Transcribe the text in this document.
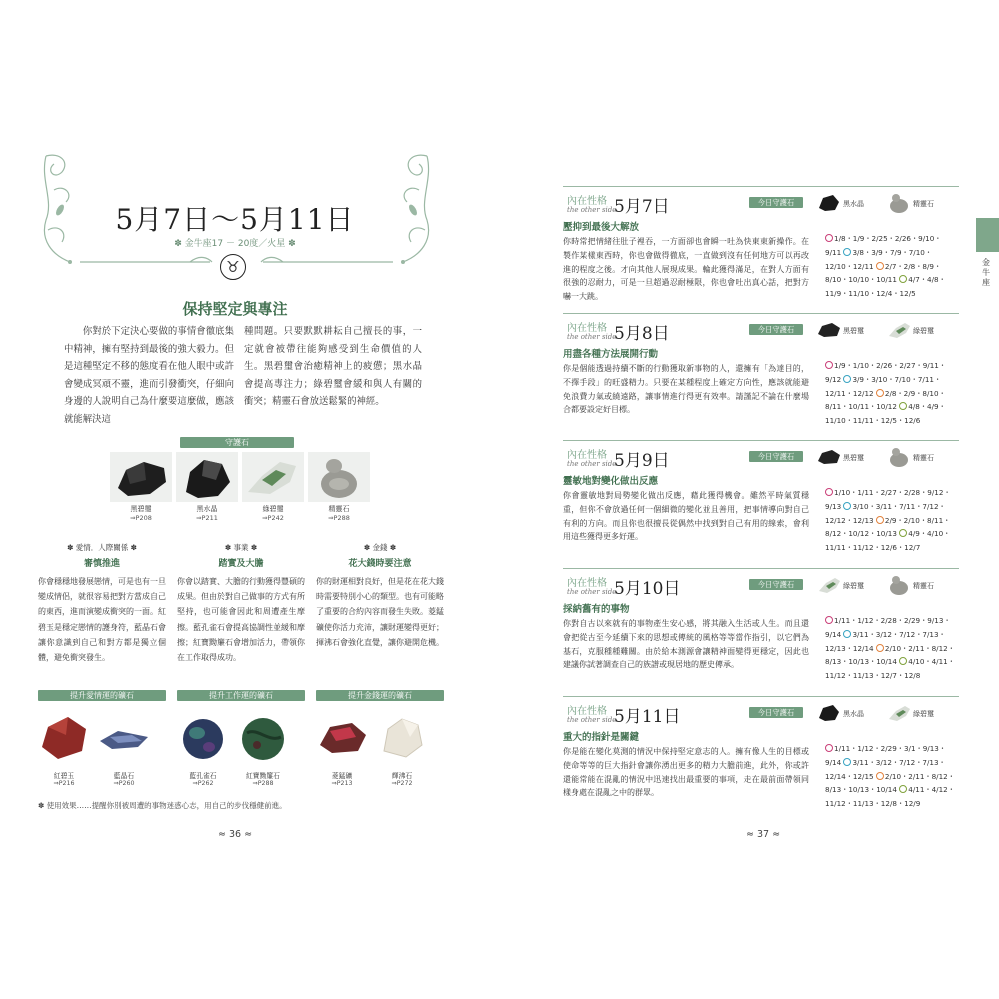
5月7日～5月11日
✽ 金牛座17 － 20度／火星 ✽
♉
保持堅定與專注
　　你對於下定決心要做的事情會徹底集中精神，擁有堅持到最後的強大毅力。但是這種堅定不移的態度看在他人眼中或許會變成冥頑不靈，進而引發衝突，仔細向身邊的人說明自己為什麼要這麼做，應該就能解決這
種問題。只要默默耕耘自己擅長的事，一定就會被帶往能夠感受到生命價值的人生。黑碧璽會治癒精神上的疲憊；黑水晶會提高專注力；綠碧璽會緩和與人有關的衝突；精靈石會放送鬆緊的神經。
守護石
黑碧璽
⇒P208
黑水晶
⇒P211
綠碧璽
⇒P242
精靈石
⇒P288
✽ 愛情．人際關係 ✽
審慎推進
你會穩穩地發展戀情，可是也有一旦變成情侶，就很容易把對方當成自己的東西，進而演變成衝突的一面。紅碧玉是穩定戀情的護身符，藍晶石會讓你意識到自己和對方都是獨立個體，避免衝突發生。
✽ 事業 ✽
踏實及大膽
你會以踏實、大膽的行動獲得豐碩的成果。但由於對自己做事的方式有所堅持，也可能會因此和周遭產生摩擦。藍孔雀石會提高協調性並緩和摩擦；紅寶黝簾石會增加活力，帶領你在工作取得成功。
✽ 金錢 ✽
花大錢時要注意
你的財運相對良好，但是花在花大錢時需要特別小心的類型。也有可能略了重要的合約內容而發生失敗。菱錳礦使你活力充沛，讓財運變得更好；揮沸石會強化直覺，讓你避開危機。
提升愛情運的礦石
紅碧玉
⇒P216
藍晶石
⇒P260
提升工作運的礦石
藍孔雀石
⇒P262
紅寶黝簾石
⇒P288
提升金錢運的礦石
菱錳礦
⇒P213
輝沸石
⇒P272
✽ 使用效果……提醒你別被周遭的事物迷惑心志，用自己的步伐穩健前進。
≈ 36 ≈
金牛座
內在性格
the other side
5月7日	今日守護石	黑水晶	精靈石
壓抑到最後大解放
你時常把情緒往肚子裡吞，一方面卻也會瞬一吐為快東東新操作。在製作某樣東西時，你也會做得徹底，一直做到沒有任何地方可以再改進的程度之後。才向其他人展現成果。輪此獲得滿足，在對人方面有很強的忍耐力，可是一旦超過忍耐極限，你也會吐出真心話，把對方嚇一大跳。
1/8・1/9・2/25・2/26・9/10・9/11 3/8・3/9・7/9・7/10・12/10・12/11 2/7・2/8・8/9・8/10・10/10・10/11 4/7・4/8・11/9・11/10・12/4・12/5
內在性格
the other side
5月8日	今日守護石	黑碧璽	綠碧璽
用盡各種方法展開行動
你是個能透過持續不斷的行動獲取新事物的人，還擁有「為達目的，不擇手段」的旺盛精力。只要在某種程度上確定方向性，應該就能避免浪費力氣或繞遠路，讓事情進行得更有效率。請謹記不論在什麼場合都要設定好目標。
1/9・1/10・2/26・2/27・9/11・9/12 3/9・3/10・7/10・7/11・12/11・12/12 2/8・2/9・8/10・8/11・10/11・10/12 4/8・4/9・11/10・11/11・12/5・12/6
內在性格
the other side
5月9日	今日守護石	黑碧璽	精靈石
靈敏地對變化做出反應
你會靈敏地對局勢變化做出反應，藉此獲得機會。雖然平時氣質穩重，但你不會放過任何一個細微的變化並且善用，把事情導向對自己有利的方向。而且你也很擅長從偶然中找到對自己有用的線索，會利用這些獲得更多好運。
1/10・1/11・2/27・2/28・9/12・9/13 3/10・3/11・7/11・7/12・12/12・12/13 2/9・2/10・8/11・8/12・10/12・10/13 4/9・4/10・11/11・11/12・12/6・12/7
內在性格
the other side
5月10日	今日守護石	綠碧璽	精靈石
採納舊有的事物
你對自古以來就有的事物產生安心感，將其融入生活或人生。而且還會把從古至今延續下來的思想或傳統的風格等等當作指引，以它們為基石，克服種種難關。由於給本測源會讓精神面變得更穩定，因此也建議你試著調查自己的族譜或現居地的歷史傳承。
1/11・1/12・2/28・2/29・9/13・9/14 3/11・3/12・7/12・7/13・12/13・12/14 2/10・2/11・8/12・8/13・10/13・10/14 4/10・4/11・11/12・11/13・12/7・12/8
內在性格
the other side
5月11日	今日守護石	黑水晶	綠碧璽
重大的指針是關鍵
你是能在變化莫測的情況中保持堅定意志的人。擁有像人生的目標或使命等等的巨大指針會讓你湧出更多的精力大膽前進，此外，你或許還能常能在混亂的情況中迅速找出最重要的事項，走在最前面帶領同樣身處在混亂之中的群眾。
1/11・1/12・2/29・3/1・9/13・9/14 3/11・3/12・7/12・7/13・12/14・12/15 2/10・2/11・8/12・8/13・10/13・10/14 4/11・4/12・11/12・11/13・12/8・12/9
≈ 37 ≈
